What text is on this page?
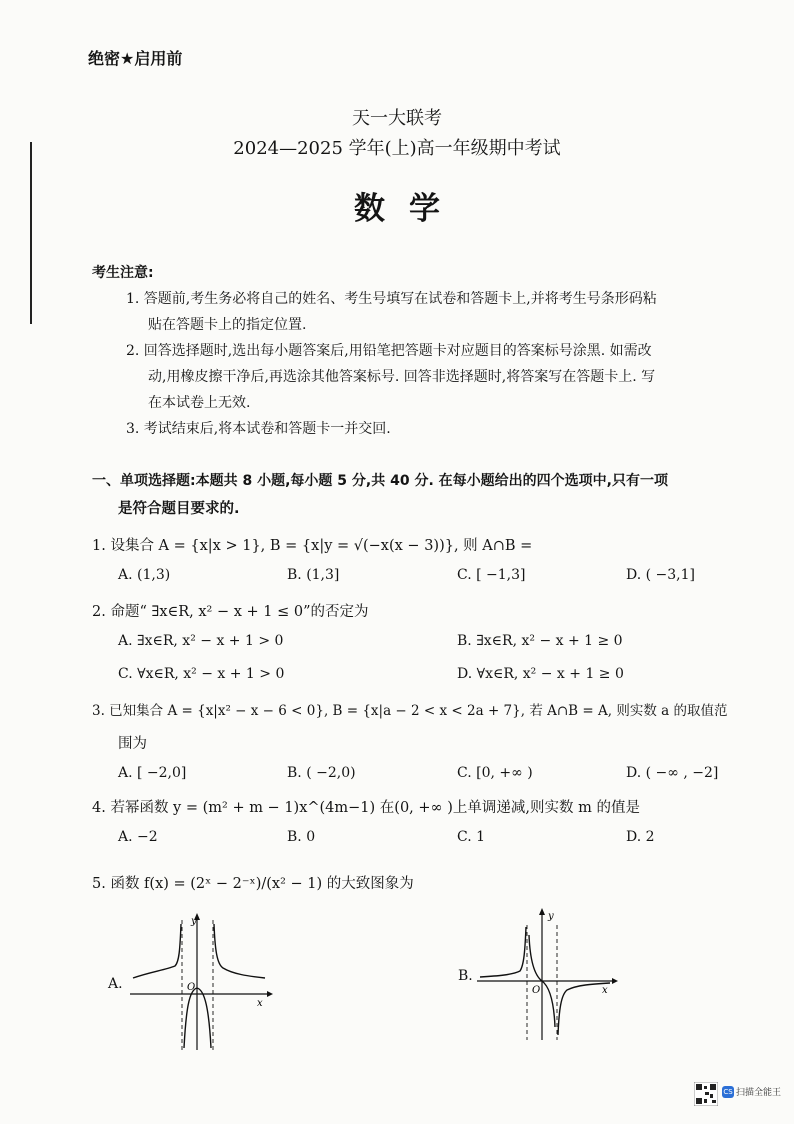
绝密★启用前
天一大联考
2024—2025 学年(上)高一年级期中考试
数学
考生注意:
1. 答题前,考生务必将自己的姓名、考生号填写在试卷和答题卡上,并将考生号条形码粘
贴在答题卡上的指定位置.
2. 回答选择题时,选出每小题答案后,用铅笔把答题卡对应题目的答案标号涂黑. 如需改
动,用橡皮擦干净后,再选涂其他答案标号. 回答非选择题时,将答案写在答题卡上. 写
在本试卷上无效.
3. 考试结束后,将本试卷和答题卡一并交回.
一、单项选择题:本题共 8 小题,每小题 5 分,共 40 分. 在每小题给出的四个选项中,只有一项
是符合题目要求的.
1. 设集合 A = {x|x > 1}, B = {x|y = √(−x(x − 3))}, 则 A∩B =
A. (1,3)	B. (1,3]	C. [ −1,3]	D. ( −3,1]
2. 命题“ ∃x∈R, x² − x + 1 ≤ 0”的否定为
A. ∃x∈R, x² − x + 1 > 0	B. ∃x∈R, x² − x + 1 ≥ 0
C. ∀x∈R, x² − x + 1 > 0	D. ∀x∈R, x² − x + 1 ≥ 0
3. 已知集合 A = {x|x² − x − 6 < 0}, B = {x|a − 2 < x < 2a + 7}, 若 A∩B = A, 则实数 a 的取值范
围为
A. [ −2,0]	B. ( −2,0)	C. [0, +∞ )	D. ( −∞ , −2]
4. 若幂函数 y = (m² + m − 1)x^(4m−1) 在(0, +∞ )上单调递减,则实数 m 的值是
A. −2	B. 0	C. 1	D. 2
5. 函数 f(x) = (2ˣ − 2⁻ˣ)/(x² − 1) 的大致图象为
A.	B.
y
x
O
y
x
O
CS 扫描全能王
